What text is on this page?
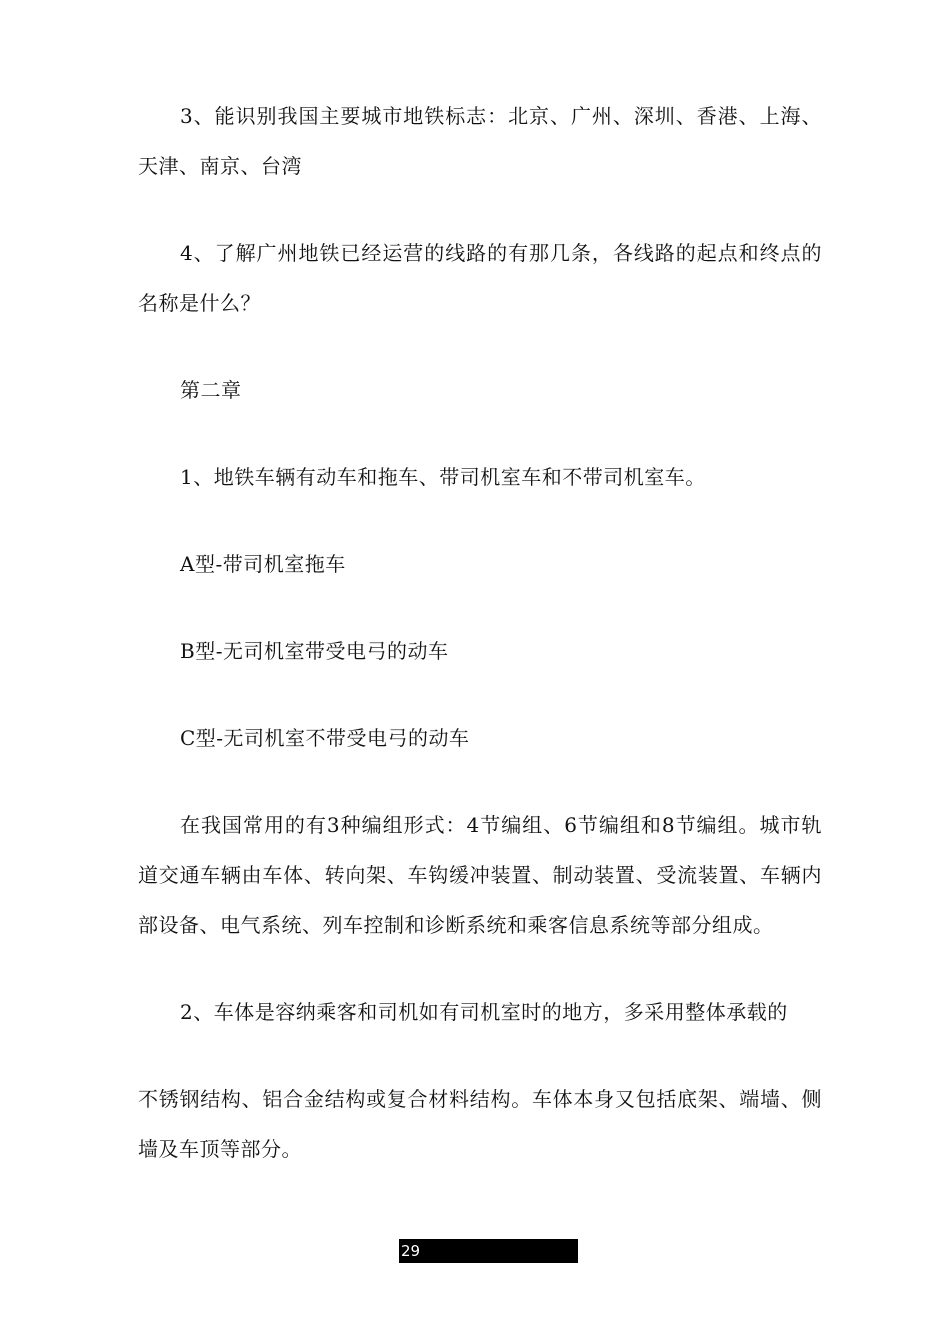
3、能识别我国主要城市地铁标志：北京、广州、深圳、香港、上海、天津、南京、台湾

4、了解广州地铁已经运营的线路的有那几条，各线路的起点和终点的名称是什么？

第二章

1、地铁车辆有动车和拖车、带司机室车和不带司机室车。

A型-带司机室拖车

B型-无司机室带受电弓的动车

C型-无司机室不带受电弓的动车

在我国常用的有3种编组形式：4节编组、6节编组和8节编组。城市轨道交通车辆由车体、转向架、车钩缓冲装置、制动装置、受流装置、车辆内部设备、电气系统、列车控制和诊断系统和乘客信息系统等部分组成。

2、车体是容纳乘客和司机如有司机室时的地方，多采用整体承载的

不锈钢结构、铝合金结构或复合材料结构。车体本身又包括底架、端墙、侧墙及车顶等部分。

29
